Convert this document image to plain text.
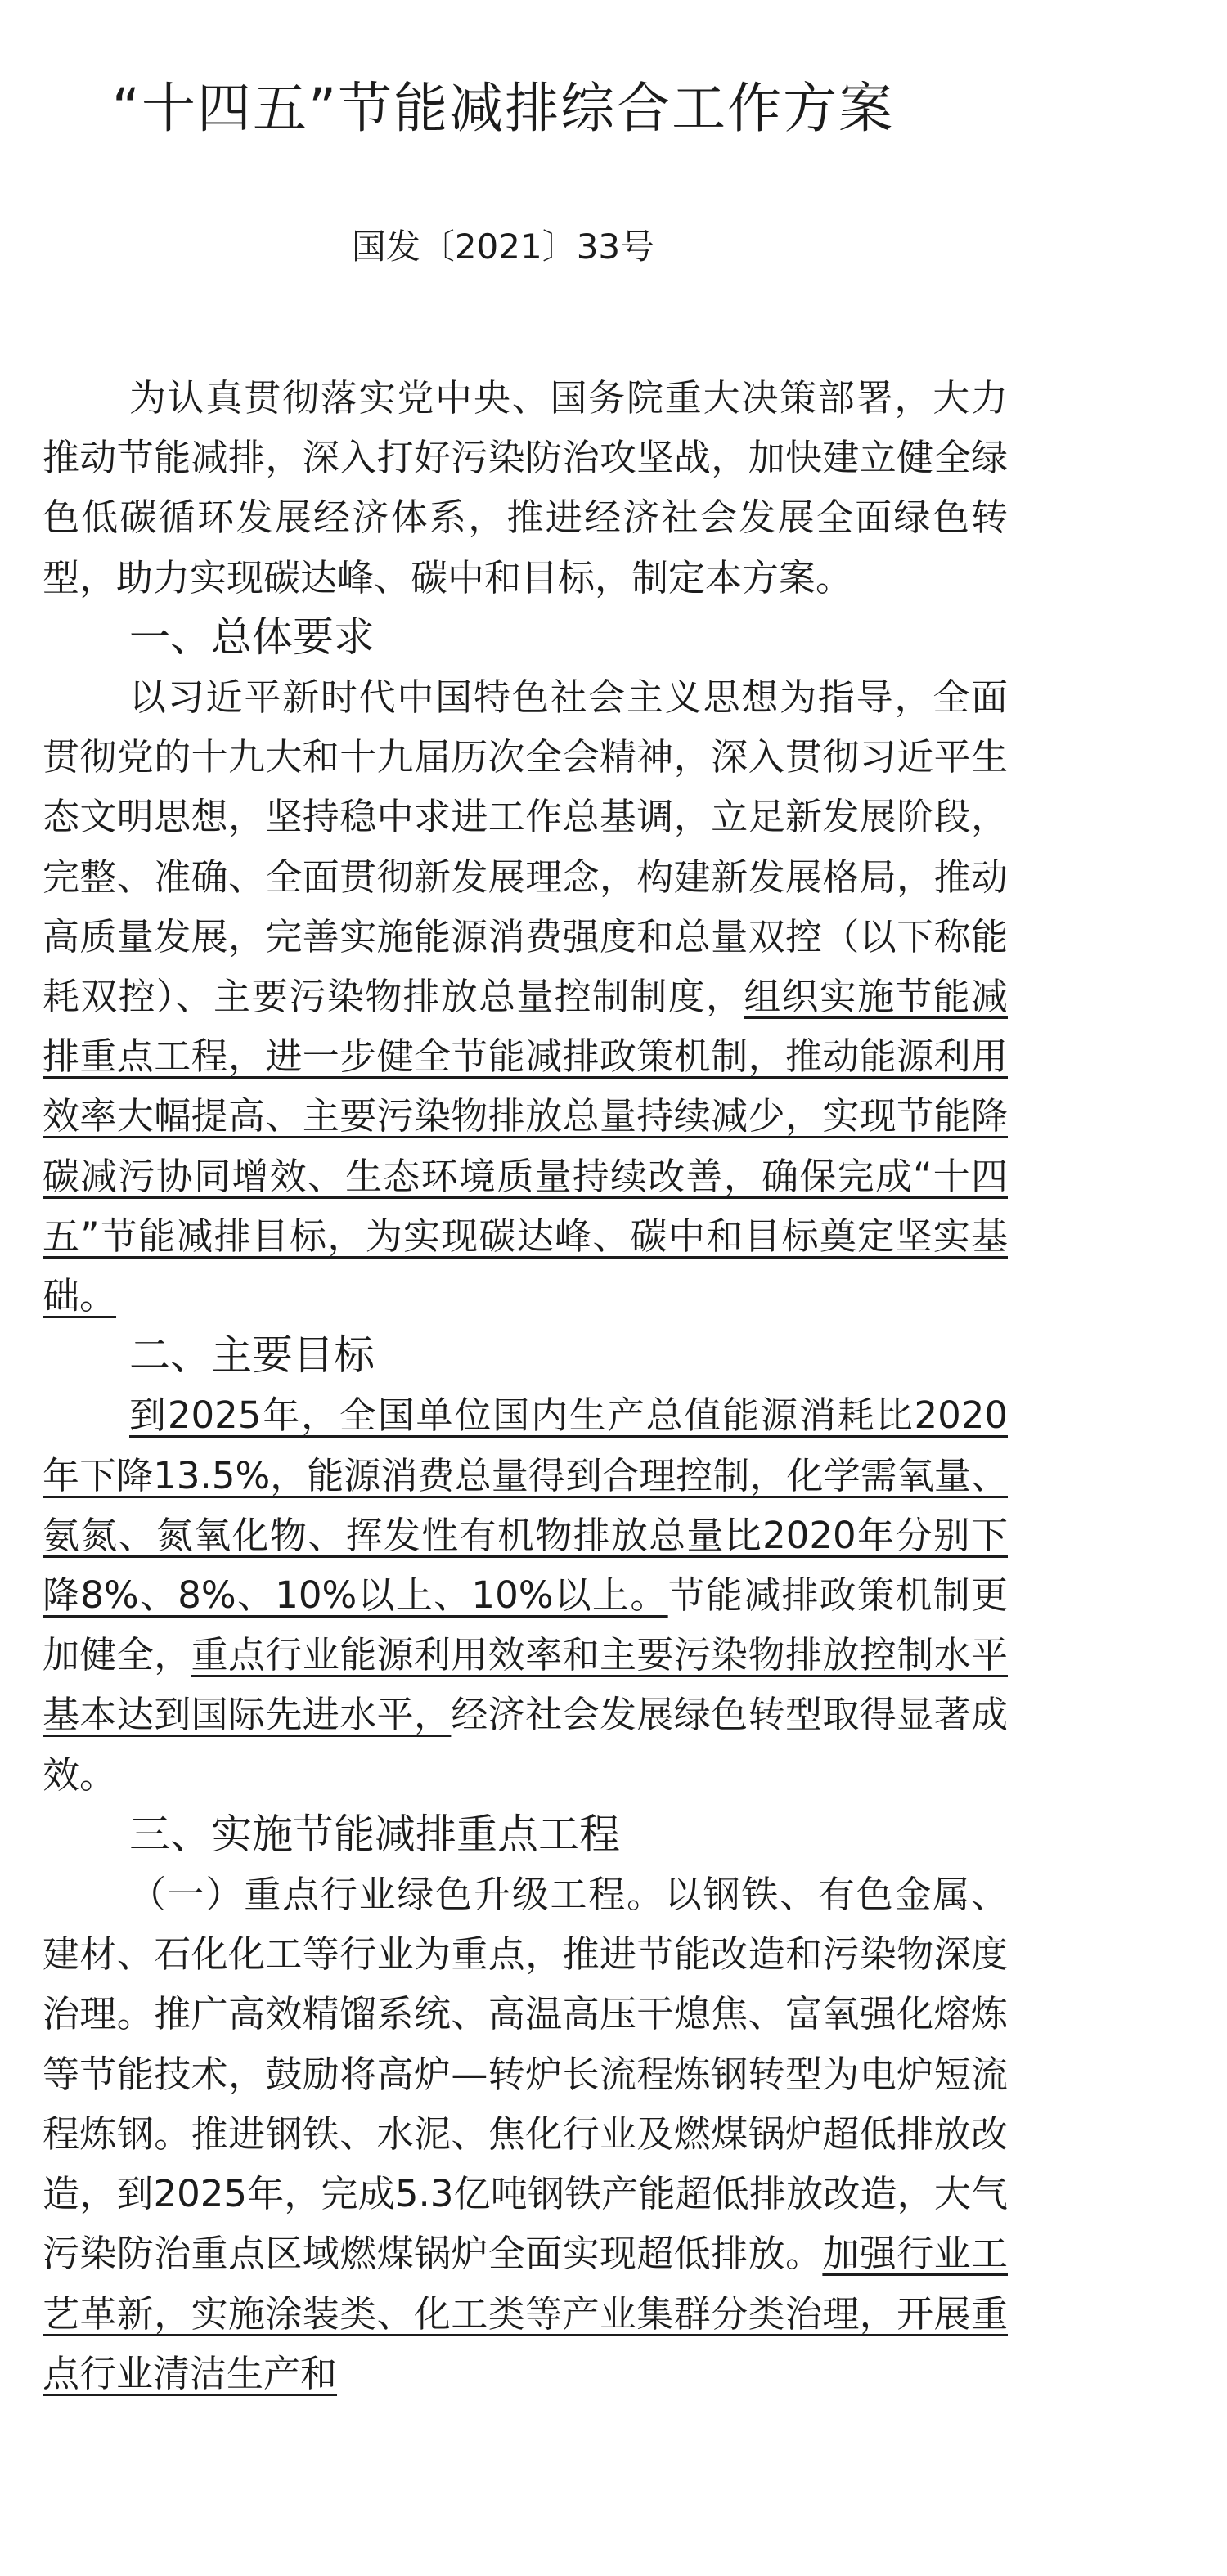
“十四五”节能减排综合工作方案
国发〔2021〕33号

为认真贯彻落实党中央、国务院重大决策部署，大力推动节能减排，深入打好污染防治攻坚战，加快建立健全绿色低碳循环发展经济体系，推进经济社会发展全面绿色转型，助力实现碳达峰、碳中和目标，制定本方案。

一、总体要求

以习近平新时代中国特色社会主义思想为指导，全面贯彻党的十九大和十九届历次全会精神，深入贯彻习近平生态文明思想，坚持稳中求进工作总基调，立足新发展阶段，完整、准确、全面贯彻新发展理念，构建新发展格局，推动高质量发展，完善实施能源消费强度和总量双控（以下称能耗双控）、主要污染物排放总量控制制度，组织实施节能减排重点工程，进一步健全节能减排政策机制，推动能源利用效率大幅提高、主要污染物排放总量持续减少，实现节能降碳减污协同增效、生态环境质量持续改善，确保完成“十四五”节能减排目标，为实现碳达峰、碳中和目标奠定坚实基础。

二、主要目标

到2025年，全国单位国内生产总值能源消耗比2020年下降13.5%，能源消费总量得到合理控制，化学需氧量、氨氮、氮氧化物、挥发性有机物排放总量比2020年分别下降8%、8%、10%以上、10%以上。节能减排政策机制更加健全，重点行业能源利用效率和主要污染物排放控制水平基本达到国际先进水平，经济社会发展绿色转型取得显著成效。

三、实施节能减排重点工程

（一）重点行业绿色升级工程。以钢铁、有色金属、建材、石化化工等行业为重点，推进节能改造和污染物深度治理。推广高效精馏系统、高温高压干熄焦、富氧强化熔炼等节能技术，鼓励将高炉—转炉长流程炼钢转型为电炉短流程炼钢。推进钢铁、水泥、焦化行业及燃煤锅炉超低排放改造，到2025年，完成5.3亿吨钢铁产能超低排放改造，大气污染防治重点区域燃煤锅炉全面实现超低排放。加强行业工艺革新，实施涂装类、化工类等产业集群分类治理，开展重点行业清洁生产和
